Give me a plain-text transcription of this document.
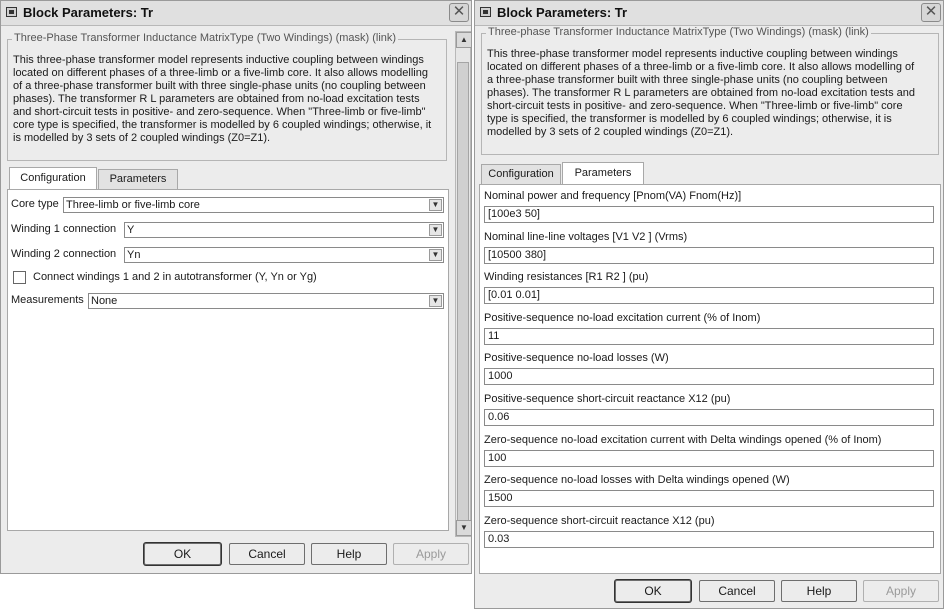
Block Parameters: Tr	✕
Three-Phase Transformer Inductance MatrixType (Two Windings) (mask) (link)
This three-phase transformer model represents inductive coupling between windings
located on different phases of a three-limb or a five-limb core. It also allows modelling
of a three-phase transformer built with three single-phase units (no coupling between
phases). The transformer R L parameters are obtained from no-load excitation tests
and short-circuit tests in positive- and zero-sequence. When "Three-limb or five-limb"
core type is specified, the transformer is modelled by 6 coupled windings; otherwise, it
is modelled by 3 sets of 2 coupled windings (Z0=Z1).
Configuration	Parameters
Core type Three-limb or five-limb core	▼
Winding 1 connection Y	▼
Winding 2 connection Yn	▼
Connect windings 1 and 2 in autotransformer (Y, Yn or Yg)
Measurements None	▼
▲
▼
OK	Cancel	Help	Apply
Block Parameters: Tr	✕
Three-phase Transformer Inductance MatrixType (Two Windings) (mask) (link)
This three-phase transformer model represents inductive coupling between windings
located on different phases of a three-limb or a five-limb core. It also allows modelling of
a three-phase transformer built with three single-phase units (no coupling between
phases). The transformer R L parameters are obtained from no-load excitation tests and
short-circuit tests in positive- and zero-sequence. When "Three-limb or five-limb" core
type is specified, the transformer is modelled by 6 coupled windings; otherwise, it is
modelled by 3 sets of 2 coupled windings (Z0=Z1).
Configuration	Parameters
Nominal power and frequency [Pnom(VA) Fnom(Hz)]
[100e3 50]
Nominal line-line voltages [V1 V2 ] (Vrms)
[10500 380]
Winding resistances [R1 R2 ] (pu)
[0.01 0.01]
Positive-sequence no-load excitation current (% of Inom)
11
Positive-sequence no-load losses (W)
1000
Positive-sequence short-circuit reactance X12 (pu)
0.06
Zero-sequence no-load excitation current with Delta windings opened (% of Inom)
100
Zero-sequence no-load losses with Delta windings opened (W)
1500
Zero-sequence short-circuit reactance X12 (pu)
0.03
OK	Cancel	Help	Apply
